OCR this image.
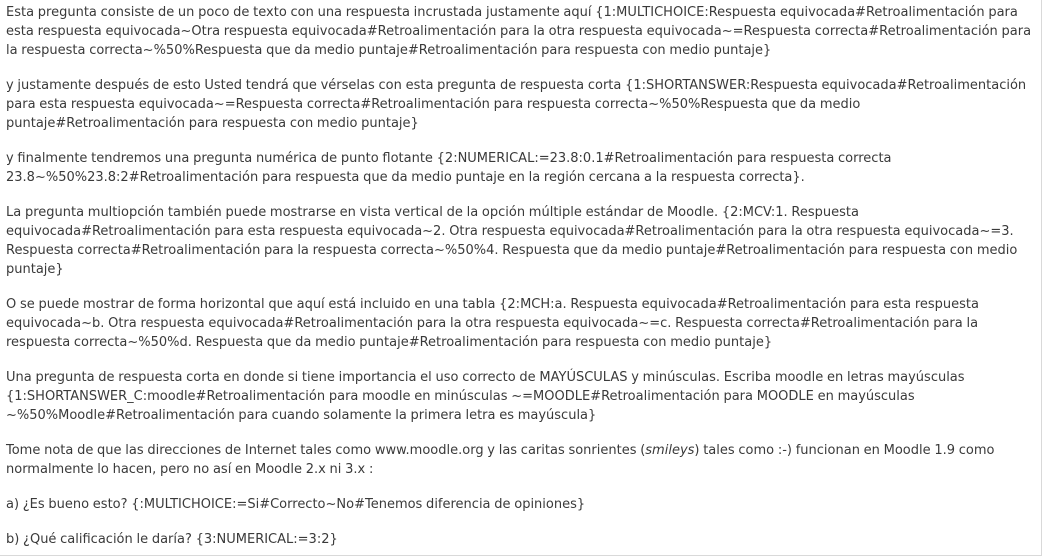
Esta pregunta consiste de un poco de texto con una respuesta incrustada justamente aquí {1:MULTICHOICE:Respuesta equivocada#Retroalimentación para esta respuesta equivocada~Otra respuesta equivocada#Retroalimentación para la otra respuesta equivocada~=Respuesta correcta#Retroalimentación para la respuesta correcta~%50%Respuesta que da medio puntaje#Retroalimentación para respuesta con medio puntaje}

y justamente después de esto Usted tendrá que vérselas con esta pregunta de respuesta corta {1:SHORTANSWER:Respuesta equivocada#Retroalimentación para esta respuesta equivocada~=Respuesta correcta#Retroalimentación para respuesta correcta~%50%Respuesta que da medio puntaje#Retroalimentación para respuesta con medio puntaje}

y finalmente tendremos una pregunta numérica de punto flotante {2:NUMERICAL:=23.8:0.1#Retroalimentación para respuesta correcta 23.8~%50%23.8:2#Retroalimentación para respuesta que da medio puntaje en la región cercana a la respuesta correcta}.

La pregunta multiopción también puede mostrarse en vista vertical de la opción múltiple estándar de Moodle. {2:MCV:1. Respuesta equivocada#Retroalimentación para esta respuesta equivocada~2. Otra respuesta equivocada#Retroalimentación para la otra respuesta equivocada~=3. Respuesta correcta#Retroalimentación para la respuesta correcta~%50%4. Respuesta que da medio puntaje#Retroalimentación para respuesta con medio puntaje}

O se puede mostrar de forma horizontal que aquí está incluido en una tabla {2:MCH:a. Respuesta equivocada#Retroalimentación para esta respuesta equivocada~b. Otra respuesta equivocada#Retroalimentación para la otra respuesta equivocada~=c. Respuesta correcta#Retroalimentación para la respuesta correcta~%50%d. Respuesta que da medio puntaje#Retroalimentación para respuesta con medio puntaje}

Una pregunta de respuesta corta en donde si tiene importancia el uso correcto de MAYÚSCULAS y minúsculas. Escriba moodle en letras mayúsculas {1:SHORTANSWER_C:moodle#Retroalimentación para moodle en minúsculas ~=MOODLE#Retroalimentación para MOODLE en mayúsculas ~%50%Moodle#Retroalimentación para cuando solamente la primera letra es mayúscula}

Tome nota de que las direcciones de Internet tales como www.moodle.org y las caritas sonrientes (smileys) tales como :-) funcionan en Moodle 1.9 como normalmente lo hacen, pero no así en Moodle 2.x ni 3.x :

a) ¿Es bueno esto? {:MULTICHOICE:=Si#Correcto~No#Tenemos diferencia de opiniones}

b) ¿Qué calificación le daría? {3:NUMERICAL:=3:2}
